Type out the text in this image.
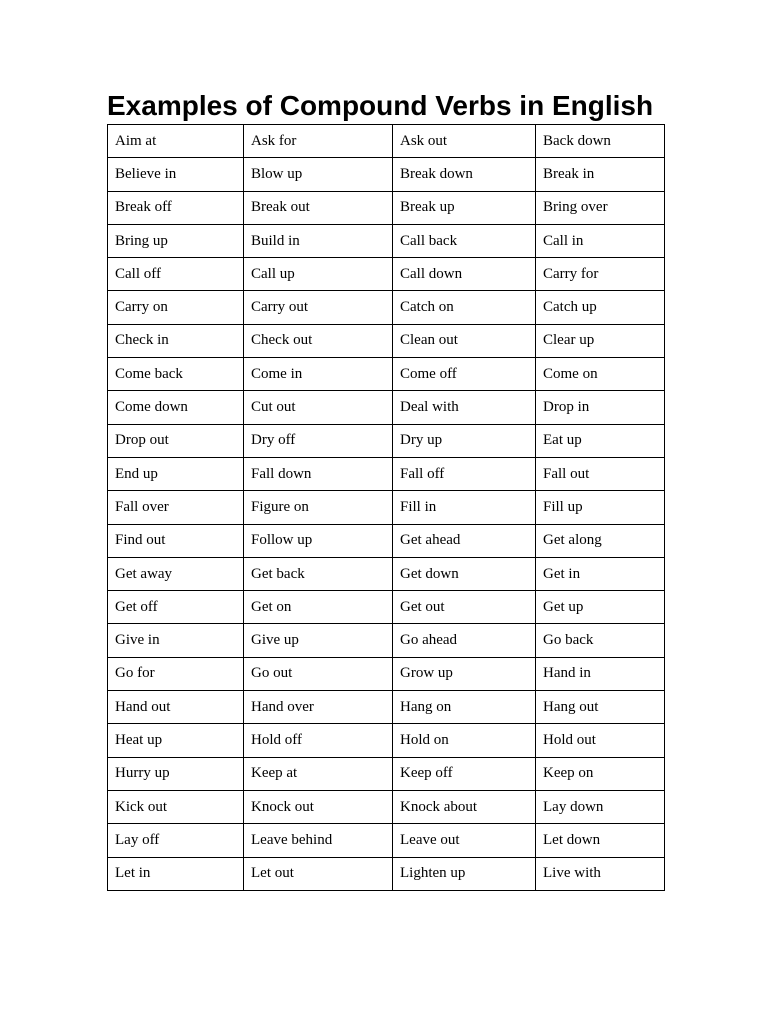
Examples of Compound Verbs in English
Aim at	Ask for	Ask out	Back down
Believe in	Blow up	Break down	Break in
Break off	Break out	Break up	Bring over
Bring up	Build in	Call back	Call in
Call off	Call up	Call down	Carry for
Carry on	Carry out	Catch on	Catch up
Check in	Check out	Clean out	Clear up
Come back	Come in	Come off	Come on
Come down	Cut out	Deal with	Drop in
Drop out	Dry off	Dry up	Eat up
End up	Fall down	Fall off	Fall out
Fall over	Figure on	Fill in	Fill up
Find out	Follow up	Get ahead	Get along
Get away	Get back	Get down	Get in
Get off	Get on	Get out	Get up
Give in	Give up	Go ahead	Go back
Go for	Go out	Grow up	Hand in
Hand out	Hand over	Hang on	Hang out
Heat up	Hold off	Hold on	Hold out
Hurry up	Keep at	Keep off	Keep on
Kick out	Knock out	Knock about	Lay down
Lay off	Leave behind	Leave out	Let down
Let in	Let out	Lighten up	Live with
